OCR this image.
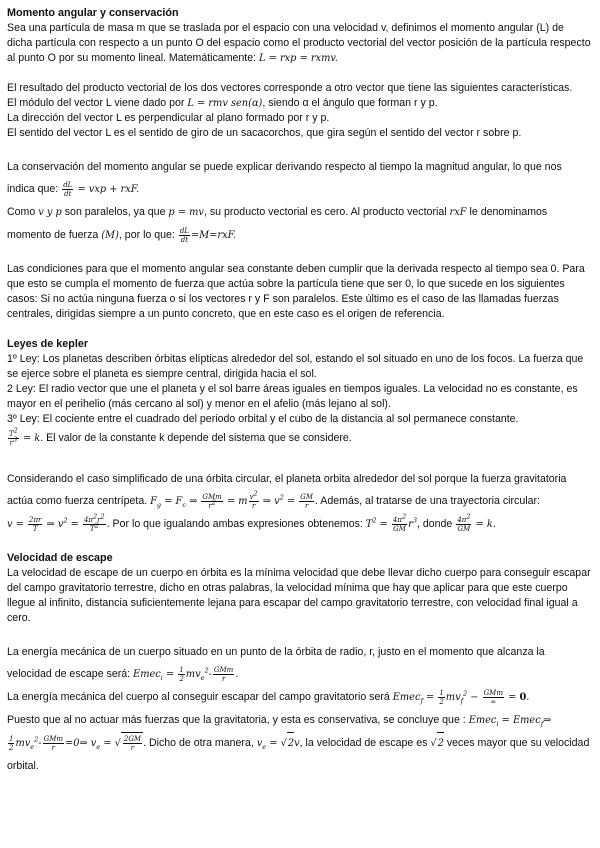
Momento angular y conservación

Sea una partícula de masa m que se traslada por el espacio con una velocidad v, definimos el momento angular (L) de dicha partícula con respecto a un punto O del espacio como el producto vectorial del vector posición de la partícula respecto al punto O por su momento lineal. Matemáticamente: L = rxp = rxmv.

El resultado del producto vectorial de los dos vectores corresponde a otro vector que tiene las siguientes características.

El módulo del vector L viene dado por L = rmv sen(α), siendo α el ángulo que forman r y p.

La dirección del vector L es perpendicular al plano formado por r y p.

El sentido del vector L es el sentido de giro de un sacacorchos, que gira según el sentido del vector r sobre p.

La conservación del momento angular se puede explicar derivando respecto al tiempo la magnitud angular, lo que nos indica que: $\frac{dL}{dt}$ = vxp + rxF.

Como v y p son paralelos, ya que p = mv, su producto vectorial es cero. Al producto vectorial rxF le denominamos momento de fuerza (M), por lo que: $\frac{dL}{dt} =M=rxF$.

Las condiciones para que el momento angular sea constante deben cumplir que la derivada respecto al tiempo sea 0. Para que esto se cumpla el momento de fuerza que actúa sobre la partícula tiene que ser 0, lo que sucede en los siguientes casos: Si no actúa ninguna fuerza o si los vectores r y F son paralelos. Este último es el caso de las llamadas fuerzas centrales, dirigidas siempre a un punto concreto, que en este caso es el origen de referencia.

Leyes de kepler

1º Ley: Los planetas describen órbitas elípticas alrededor del sol, estando el sol situado en uno de los focos. La fuerza que se ejerce sobre el planeta es siempre central, dirigida hacia el sol.

2 Ley: El radio vector que une el planeta y el sol barre áreas iguales en tiempos iguales. La velocidad no es constante, es mayor en el perihelio (más cercano al sol) y menor en el afelio (más lejano al sol).

3º Ley: El cociente entre el cuadrado del periodo orbital y el cubo de la distancia al sol permanece constante.

$\frac{T^2}{r^3} = k$. El valor de la constante k depende del sistema que se considere.

Considerando el caso simplificado de una órbita circular, el planeta orbita alrededor del sol porque la fuerza gravitatoria actúa como fuerza centrípeta. $F_g = F_c$ ⇒ GMm
$r^2 = m \frac{v^2}{r}$ ⇒ $v^2 = \frac{GM}{r}$ . Además, al tratarse de una trayectoria circular:

$v = \frac{2\pi r}{T}$ ⇒ $v^2 = \frac{4\pi^2r^2}{T^2}$ . Por lo que igualando ambas expresiones obtenemos: $T^2 = \frac{4\pi^2}{GM} r^3$, donde $\frac{4\pi^2}{GM} = k$.

Velocidad de escape

La velocidad de escape de un cuerpo en órbita es la mínima velocidad que debe llevar dicho cuerpo para conseguir escapar del campo gravitatorio terrestre, dicho en otras palabras, la velocidad mínima que hay que aplicar para que este cuerpo llegue al infinito, distancia suficientemente lejana para escapar del campo gravitatorio terrestre, con velocidad final igual a cero.

La energía mecánica de un cuerpo situado en un punto de la órbita de radio, r, justo en el momento que alcanza la velocidad de escape será: Emec$_i$ = $\frac{1}{2} mv_e^2-$ GMm
r	.

La energía mecánica del cuerpo al conseguir escapar del campo gravitatorio será Emec$_f$ = $\frac{1}{2} mv_f^2$ − GMm
∞ = 0.

Puesto que al no actuar más fuerzas que la gravitatoria, y esta es conservativa, se concluye que : Emec$_i$ = Emec$_f$⇒

$\frac{1}{2} mv_e^2-$ GMm
r	=0⇒ $v_e$ = √ $\frac{2GM}{r}$ . Dicho de otra manera, $v_e = √2v$, la velocidad de escape es √2 veces mayor que su velocidad orbital.
